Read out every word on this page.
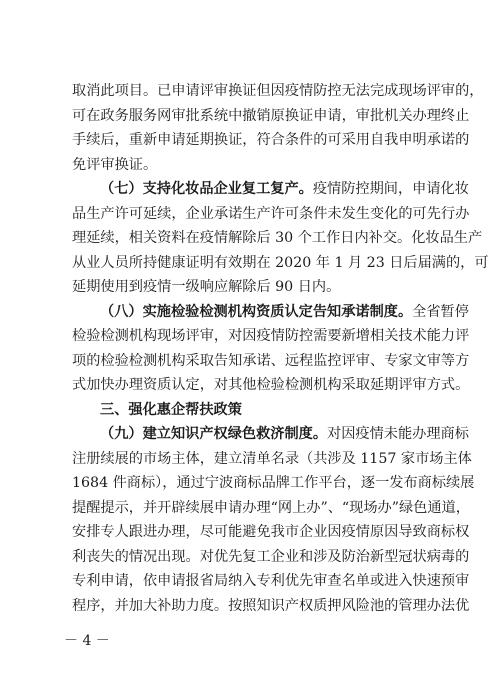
取消此项目。已申请评审换证但因疫情防控无法完成现场评审的，
可在政务服务网审批系统中撤销原换证申请，审批机关办理终止
手续后，重新申请延期换证，符合条件的可采用自我申明承诺的
免评审换证。
（七）支持化妆品企业复工复产。疫情防控期间，申请化妆
品生产许可延续，企业承诺生产许可条件未发生变化的可先行办
理延续，相关资料在疫情解除后 30 个工作日内补交。化妆品生产
从业人员所持健康证明有效期在 2020 年 1 月 23 日后届满的，可
延期使用到疫情一级响应解除后 90 日内。
（八）实施检验检测机构资质认定告知承诺制度。全省暂停
检验检测机构现场评审，对因疫情防控需要新增相关技术能力评
项的检验检测机构采取告知承诺、远程监控评审、专家文审等方
式加快办理资质认定，对其他检验检测机构采取延期评审方式。
三、强化惠企帮扶政策
（九）建立知识产权绿色救济制度。对因疫情未能办理商标
注册续展的市场主体，建立清单名录（共涉及 1157 家市场主体
1684 件商标），通过宁波商标品牌工作平台，逐一发布商标续展
提醒提示，并开辟续展申请办理“网上办”、“现场办”绿色通道，
安排专人跟进办理，尽可能避免我市企业因疫情原因导致商标权
利丧失的情况出现。对优先复工企业和涉及防治新型冠状病毒的
专利申请，依申请报省局纳入专利优先审查名单或进入快速预审
程序，并加大补助力度。按照知识产权质押风险池的管理办法优
－ 4 －
